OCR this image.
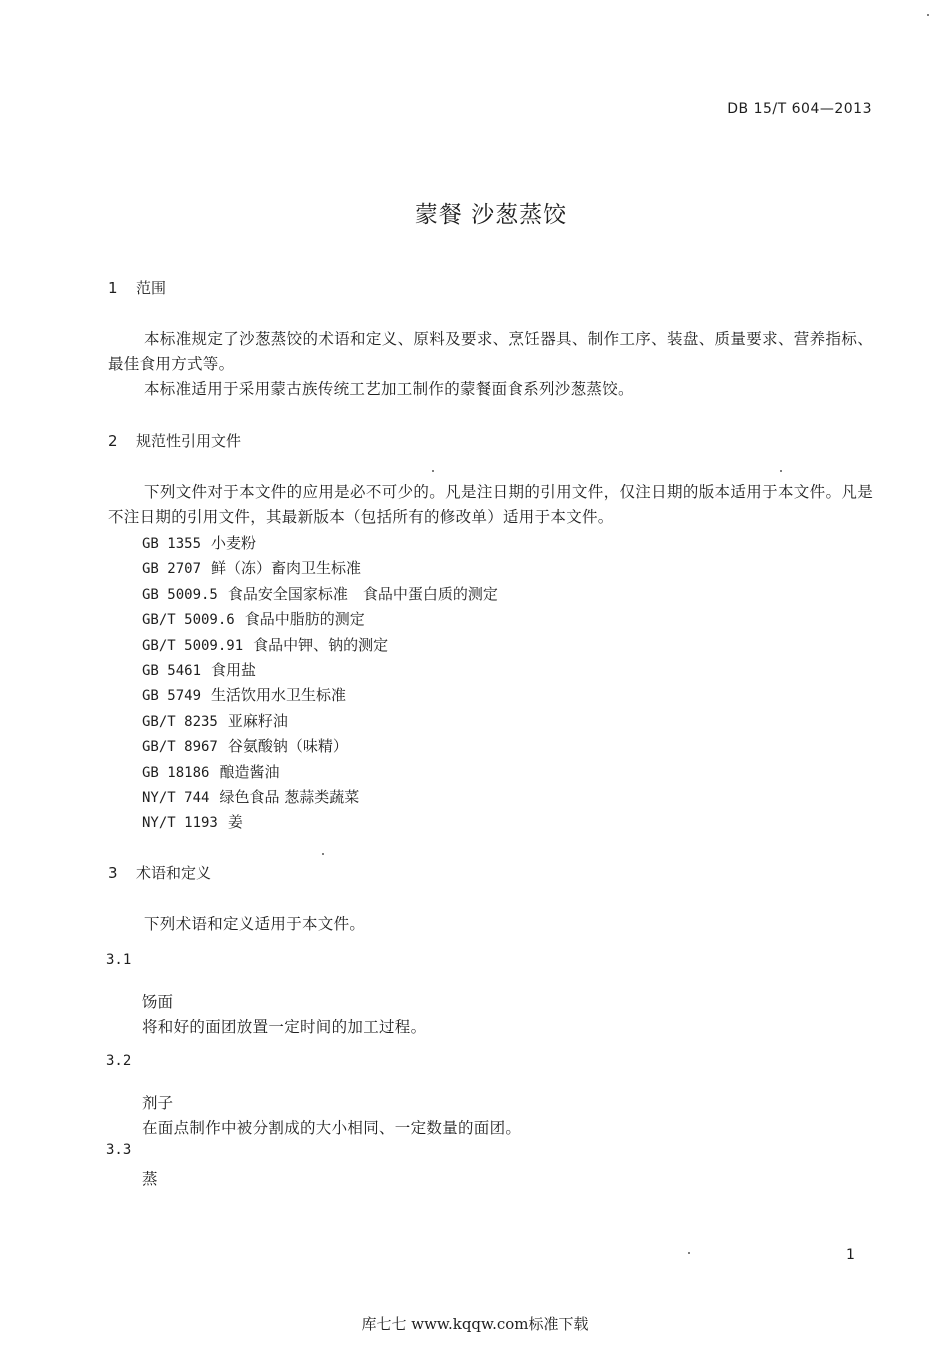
DB 15/T 604—2013
蒙餐 沙葱蒸饺
1 范围
本标准规定了沙葱蒸饺的术语和定义、原料及要求、烹饪器具、制作工序、装盘、质量要求、营养指标、最佳食用方式等。
本标准适用于采用蒙古族传统工艺加工制作的蒙餐面食系列沙葱蒸饺。
2 规范性引用文件
下列文件对于本文件的应用是必不可少的。凡是注日期的引用文件，仅注日期的版本适用于本文件。凡是不注日期的引用文件，其最新版本（包括所有的修改单）适用于本文件。
GB 1355 小麦粉
GB 2707 鲜（冻）畜肉卫生标准
GB 5009.5 食品安全国家标准　食品中蛋白质的测定
GB/T 5009.6 食品中脂肪的测定
GB/T 5009.91 食品中钾、钠的测定
GB 5461 食用盐
GB 5749 生活饮用水卫生标准
GB/T 8235 亚麻籽油
GB/T 8967 谷氨酸钠（味精）
GB 18186 酿造酱油
NY/T 744 绿色食品 葱蒜类蔬菜
NY/T 1193 姜
3 术语和定义
下列术语和定义适用于本文件。
3.1
饧面
将和好的面团放置一定时间的加工过程。
3.2
剂子
在面点制作中被分割成的大小相同、一定数量的面团。
3.3
蒸
1
库七七 www.kqqw.com标准下载
